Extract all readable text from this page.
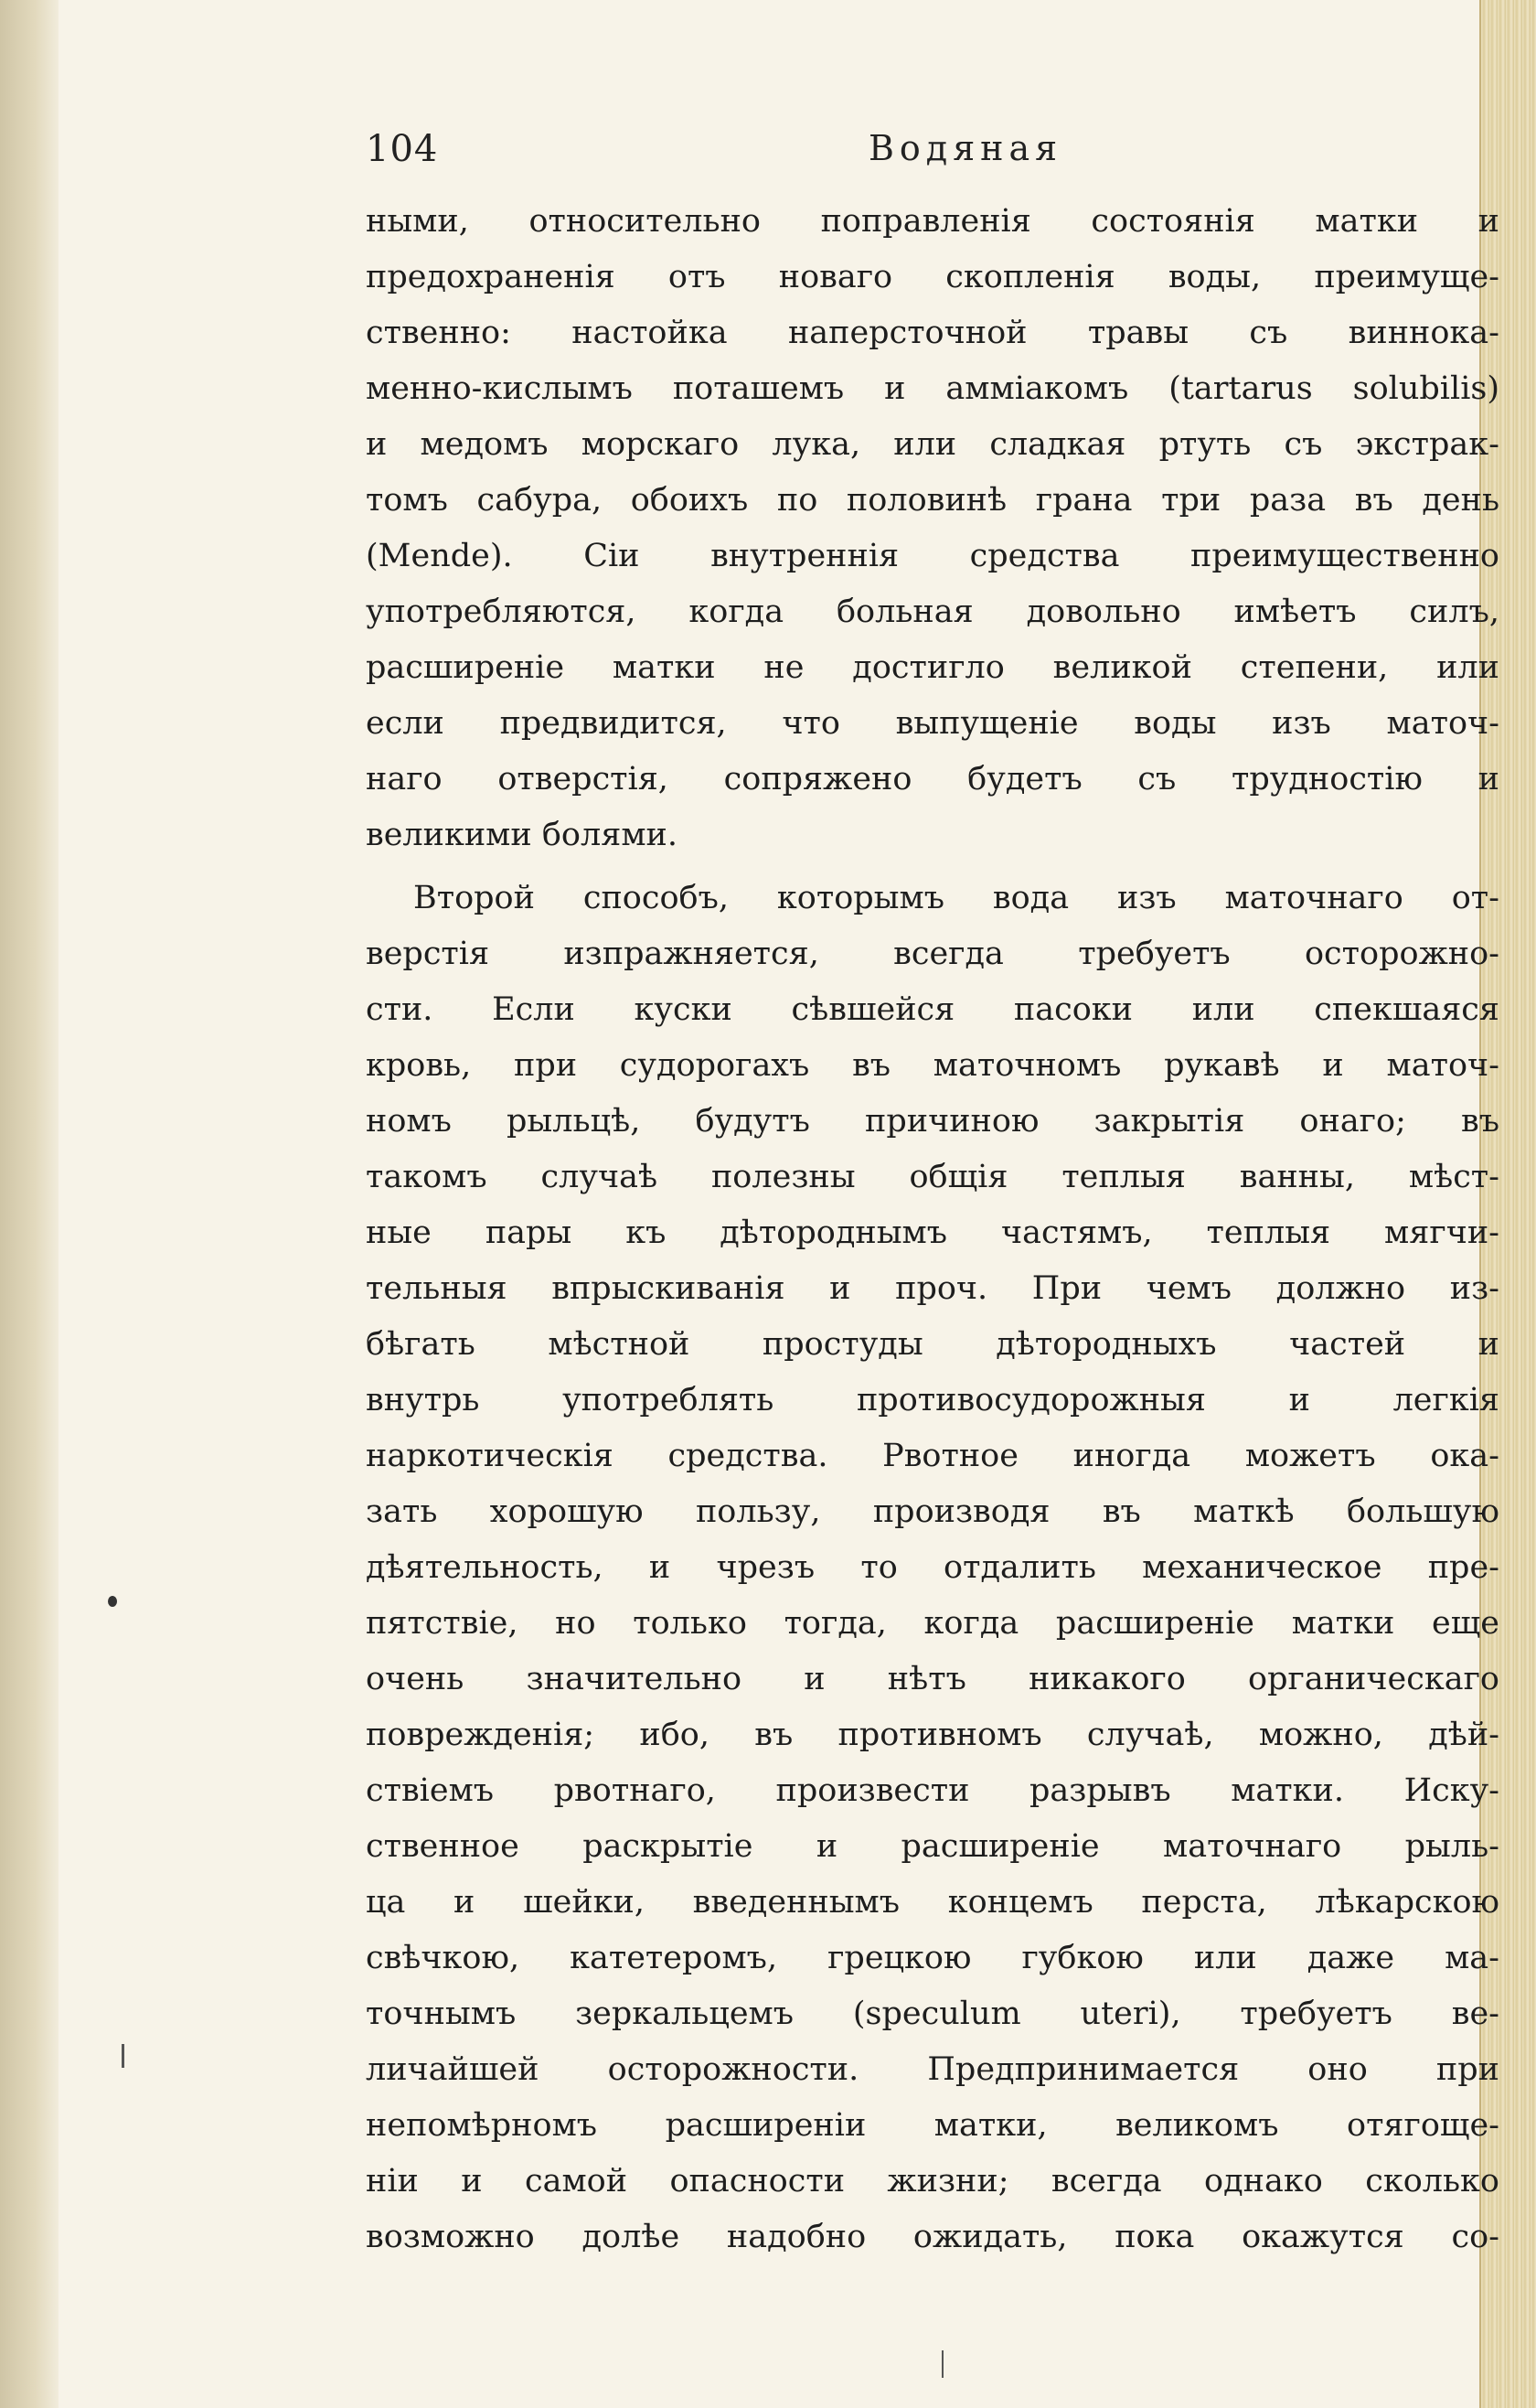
104	Водяная
ными, относительно поправленія состоянія матки и
предохраненія отъ новаго скопленія воды, преимуще-
ственно: настойка наперсточной травы съ виннока-
менно-кислымъ поташемъ и аммiакомъ (tartarus solubilis)
и медомъ морскаго лука, или сладкая ртуть съ экстрак-
томъ сабура, обоихъ по половинѣ грана три раза въ день
(Mende). Сiи внутреннiя средства преимущественно
употребляются, когда больная довольно имѣетъ силъ,
расширенiе матки не достигло великой степени, или
если предвидится, что выпущенiе воды изъ маточ-
наго отверстiя, сопряжено будетъ съ трудностiю и
великими болями.
Второй способъ, которымъ вода изъ маточнаго от-
верстiя изпражняется, всегда требуетъ осторожно-
сти. Если куски сѣвшейся пасоки или спекшаяся
кровь, при судорогахъ въ маточномъ рукавѣ и маточ-
номъ рыльцѣ, будутъ причиною закрытiя онаго; въ
такомъ случаѣ полезны общiя теплыя ванны, мѣст-
ные пары къ дѣтороднымъ частямъ, теплыя мягчи-
тельныя впрыскиванiя и проч. При чемъ должно из-
бѣгать мѣстной простуды дѣтородныхъ частей и
внутрь употреблять противосудорожныя и легкiя
наркотическiя средства. Рвотное иногда можетъ ока-
зать хорошую пользу, производя въ маткѣ большую
дѣятельность, и чрезъ то отдалить механическое пре-
пятствiе, но только тогда, когда расширенiе матки еще
очень значительно и нѣтъ никакого органическаго
поврежденiя; ибо, въ противномъ случаѣ, можно, дѣй-
ствiемъ рвотнаго, произвести разрывъ матки. Иску-
ственное раскрытiе и расширенiе маточнаго рыль-
ца и шейки, введеннымъ концемъ перста, лѣкарскою
свѣчкою, катетеромъ, грецкою губкою или даже ма-
точнымъ зеркальцемъ (speculum uteri), требуетъ ве-
личайшей осторожности. Предпринимается оно при
непомѣрномъ расширенiи матки, великомъ отягоще-
нiи и самой опасности жизни; всегда однако сколько
возможно долѣе надобно ожидать, пока окажутся со-
